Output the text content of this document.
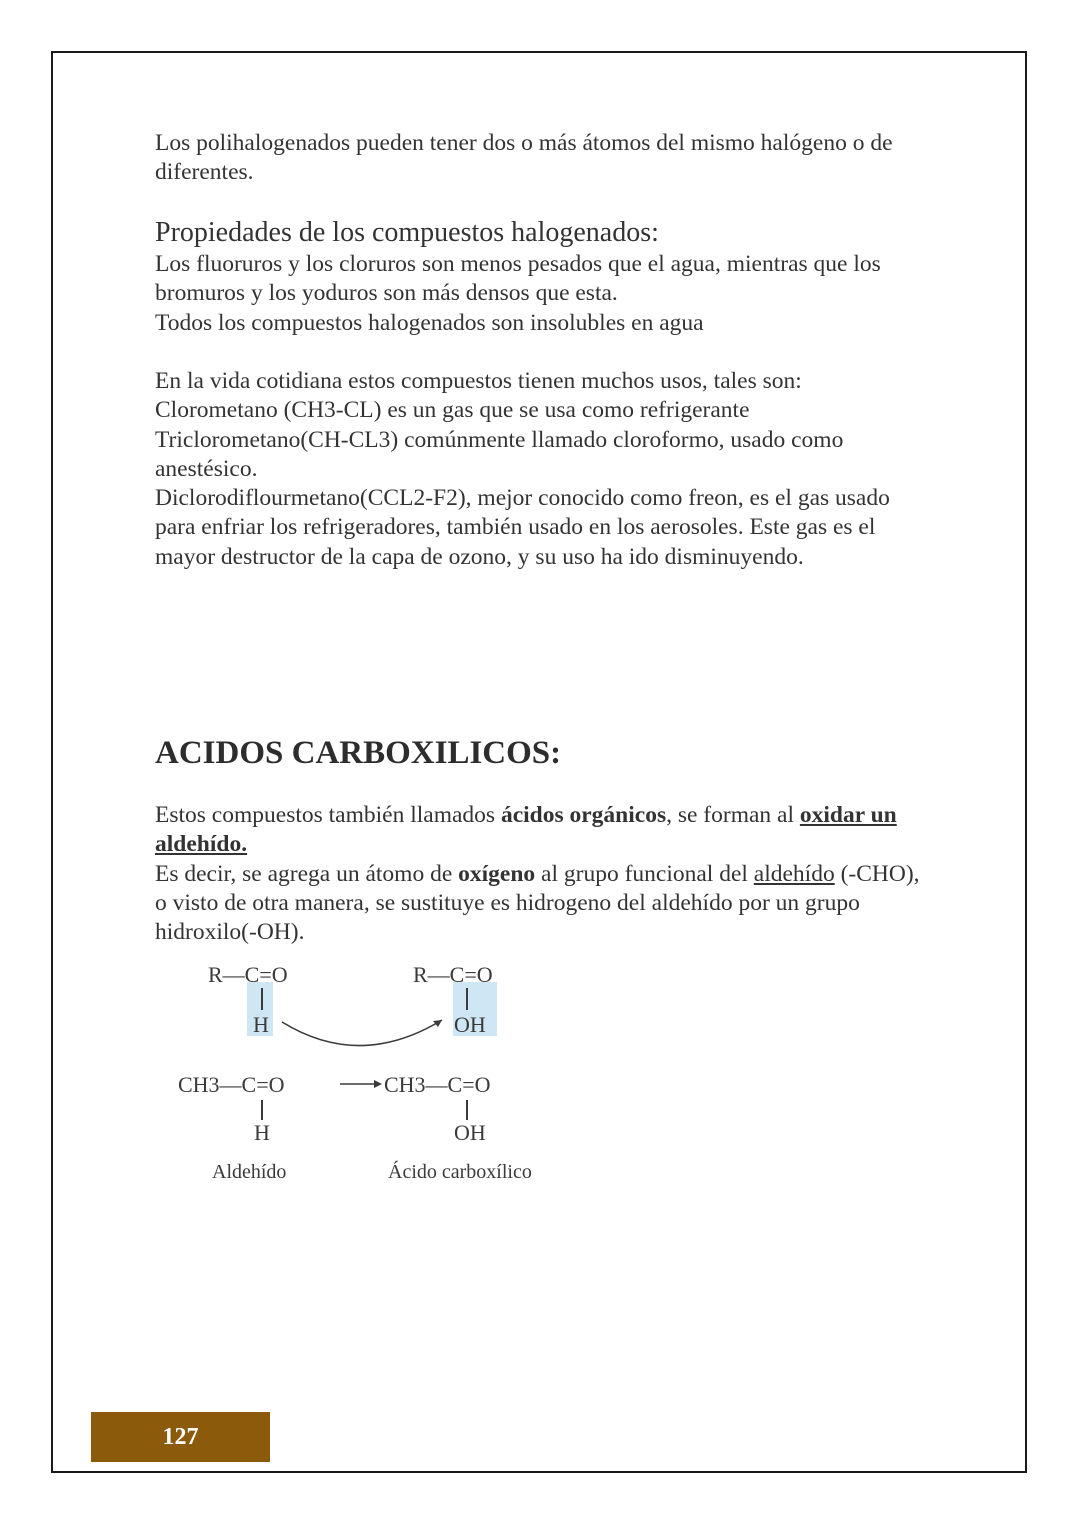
Los polihalogenados pueden tener dos o más átomos del mismo halógeno o de diferentes.

Propiedades de los compuestos halogenados:

Los fluoruros y los cloruros son menos pesados que el agua, mientras que los bromuros y los yoduros son más densos que esta.
Todos los compuestos halogenados son insolubles en agua

En la vida cotidiana estos compuestos tienen muchos usos, tales son:
Clorometano (CH3-CL) es un gas que se usa como refrigerante
Triclorometano(CH-CL3) comúnmente llamado cloroformo, usado como anestésico.
Diclorodiflourmetano(CCL2-F2), mejor conocido como freon, es el gas usado para enfriar los refrigeradores, también usado en los aerosoles. Este gas es el mayor destructor de la capa de ozono, y su uso ha ido disminuyendo.

ACIDOS CARBOXILICOS:

Estos compuestos también llamados ácidos orgánicos, se forman al oxidar un aldehído.
Es decir, se agrega un átomo de oxígeno al grupo funcional del aldehído (-CHO), o visto de otra manera, se sustituye es hidrogeno del aldehído por un grupo hidroxilo(-OH).

R—C=O
H
R—C=O
OH
CH3—C=O
H
CH3—C=O
OH
Aldehído	Ácido carboxílico
127
